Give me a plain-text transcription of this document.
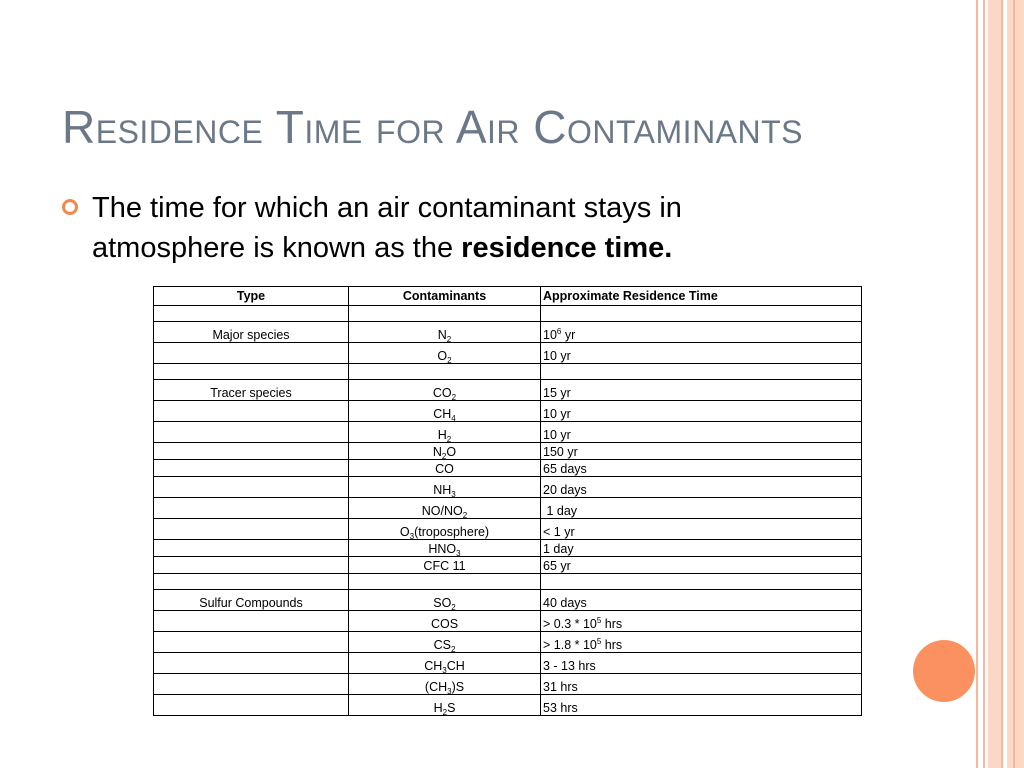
Residence Time for Air Contaminants
The time for which an air contaminant stays in atmosphere is known as the residence time.
Type	Contaminants	Approximate Residence Time

Major species	$N_2$	$10^6$ yr
	$O_2$	10 yr

Tracer species	$CO_2$	15 yr
	$CH_4$	10 yr
	$H_2$	10 yr
	$N_2O$	150 yr
	CO	65 days
	$NH_3$	20 days
	$NO/NO_2$	1 day
	$O_3(troposphere)$	< 1 yr
	$HNO_3$	1 day
	CFC 11	65 yr

Sulfur Compounds	$SO_2$	40 days
	COS	> $0.3 * 10^5$ hrs
	$CS_2$	> $1.8 * 10^5$ hrs
	$CH_3CH$	3 - 13 hrs
	$(CH_3)S$	31 hrs
	$H_2S$	53 hrs
